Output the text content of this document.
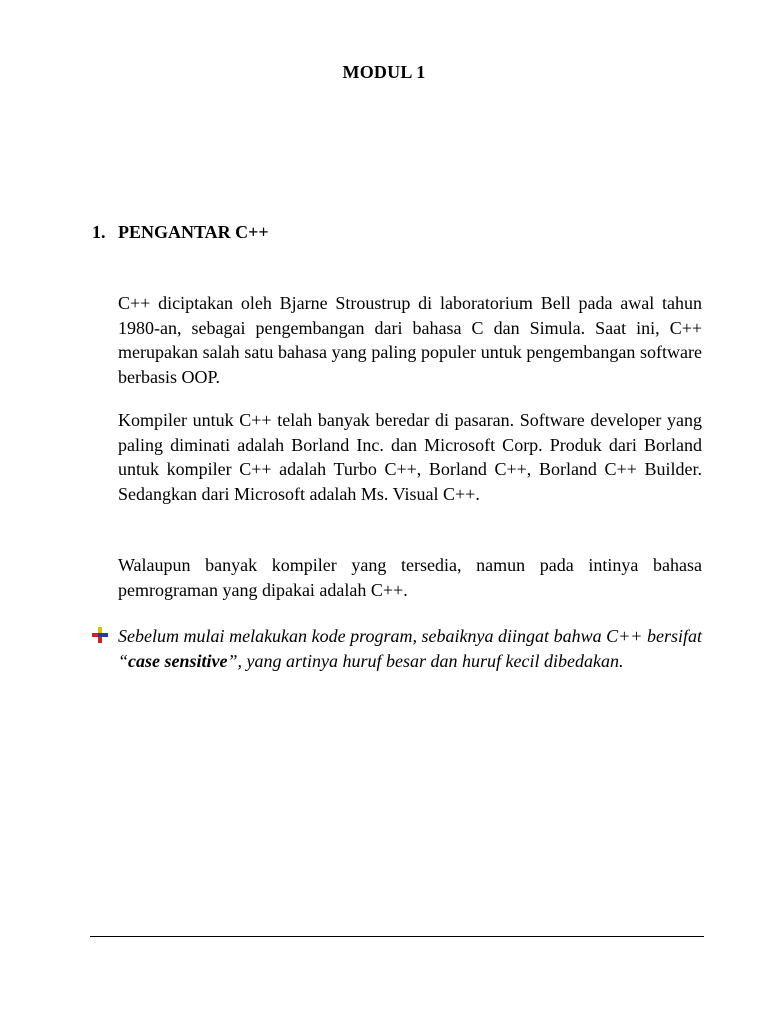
MODUL 1
1. PENGANTAR C++
C++ diciptakan oleh Bjarne Stroustrup di laboratorium Bell pada awal tahun 1980-an, sebagai pengembangan dari bahasa C dan Simula. Saat ini, C++ merupakan salah satu bahasa yang paling populer untuk pengembangan software berbasis OOP.
Kompiler untuk C++ telah banyak beredar di pasaran. Software developer yang paling diminati adalah Borland Inc. dan Microsoft Corp. Produk dari Borland untuk kompiler C++ adalah Turbo C++, Borland C++, Borland C++ Builder. Sedangkan dari Microsoft adalah Ms. Visual C++.
Walaupun banyak kompiler yang tersedia, namun pada intinya bahasa pemrograman yang dipakai adalah C++.
Sebelum mulai melakukan kode program, sebaiknya diingat bahwa C++ bersifat “case sensitive”, yang artinya huruf besar dan huruf kecil dibedakan.
